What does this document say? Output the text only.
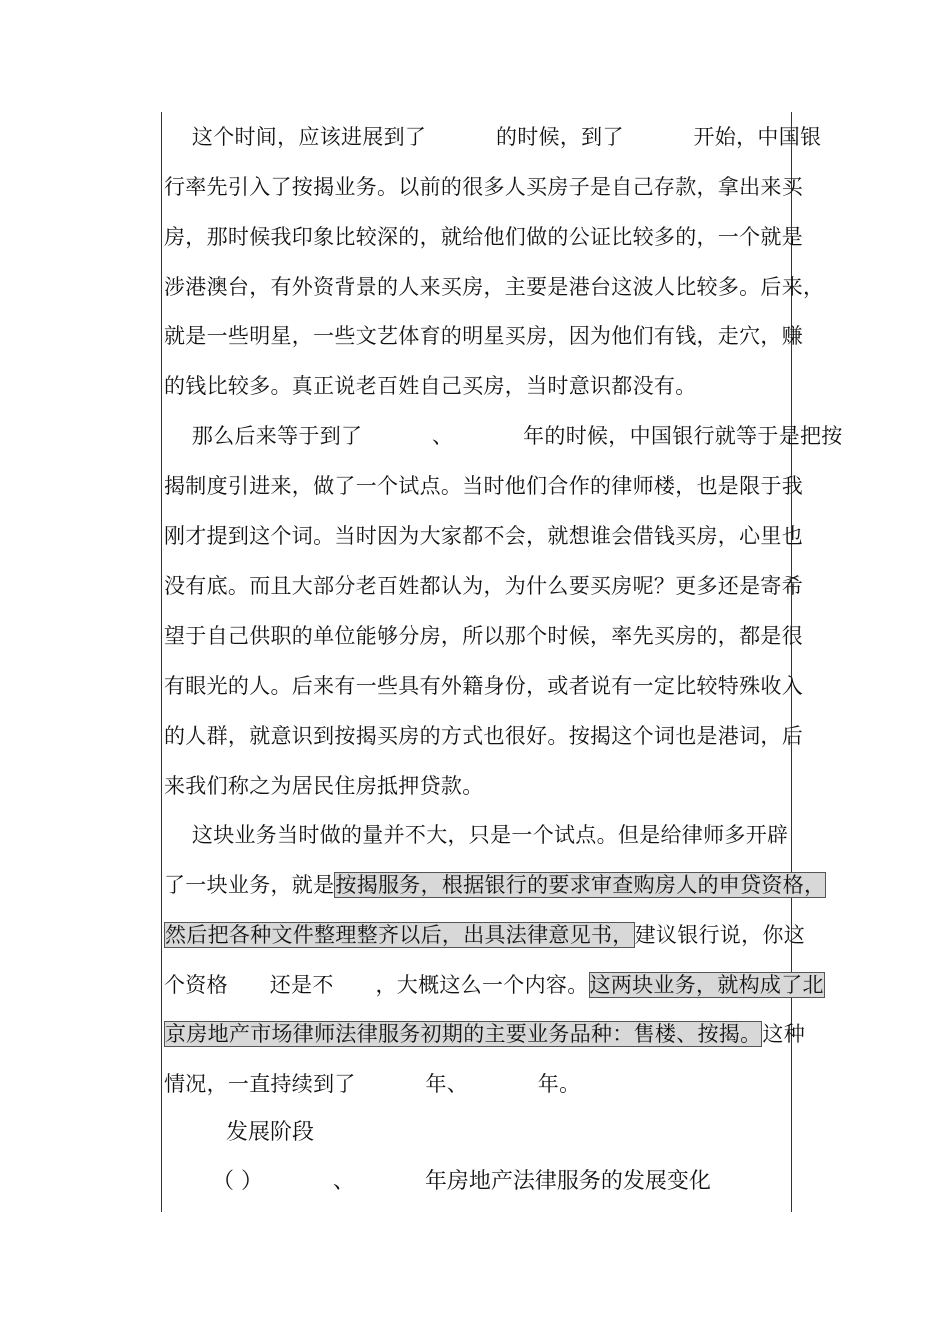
这个时间，应该进展到了          的时候，到了          开始，中国银
行率先引入了按揭业务。以前的很多人买房子是自己存款，拿出来买
房，那时候我印象比较深的，就给他们做的公证比较多的，一个就是
涉港澳台，有外资背景的人来买房，主要是港台这波人比较多。后来，
就是一些明星，一些文艺体育的明星买房，因为他们有钱，走穴，赚
的钱比较多。真正说老百姓自己买房，当时意识都没有。
那么后来等于到了          、          年的时候，中国银行就等于是把按
揭制度引进来，做了一个试点。当时他们合作的律师楼，也是限于我
刚才提到这个词。当时因为大家都不会，就想谁会借钱买房，心里也
没有底。而且大部分老百姓都认为，为什么要买房呢？更多还是寄希
望于自己供职的单位能够分房，所以那个时候，率先买房的，都是很
有眼光的人。后来有一些具有外籍身份，或者说有一定比较特殊收入
的人群，就意识到按揭买房的方式也很好。按揭这个词也是港词，后
来我们称之为居民住房抵押贷款。
这块业务当时做的量并不大，只是一个试点。但是给律师多开辟
了一块业务，就是按揭服务，根据银行的要求审查购房人的申贷资格，
然后把各种文件整理整齐以后，出具法律意见书，建议银行说，你这
个资格      还是不      ，大概这么一个内容。这两块业务，就构成了北
京房地产市场律师法律服务初期的主要业务品种：售楼、按揭。这种
情况，一直持续到了          年、          年。
发展阶段
（ ）          、          年房地产法律服务的发展变化
